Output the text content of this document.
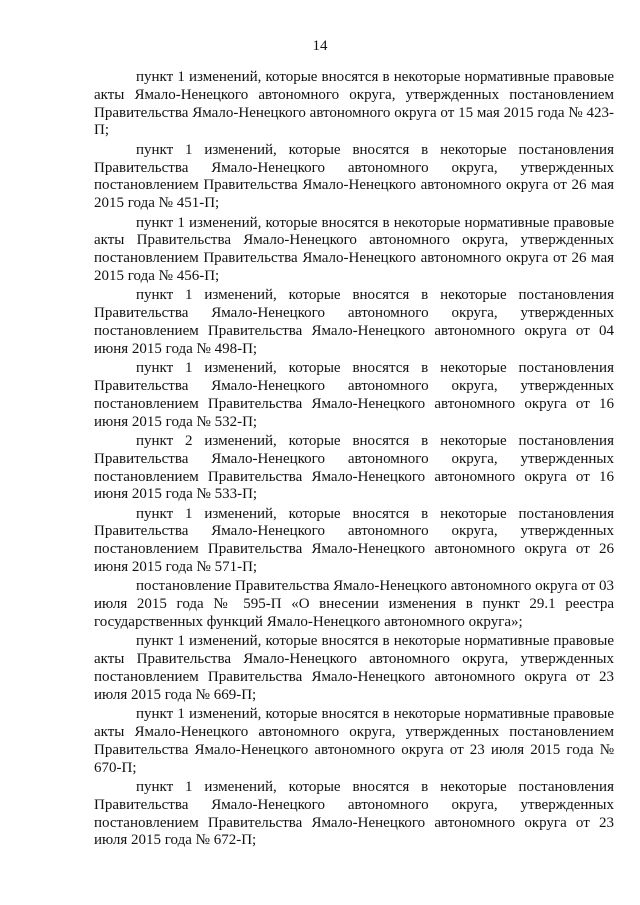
14

пункт 1 изменений, которые вносятся в некоторые нормативные правовые акты Ямало-Ненецкого автономного округа, утвержденных постановлением Правительства Ямало-Ненецкого автономного округа от 15 мая 2015 года № 423-П;

пункт 1 изменений, которые вносятся в некоторые постановления Правительства Ямало-Ненецкого автономного округа, утвержденных постановлением Правительства Ямало-Ненецкого автономного округа от 26 мая 2015 года № 451-П;

пункт 1 изменений, которые вносятся в некоторые нормативные правовые акты Правительства Ямало-Ненецкого автономного округа, утвержденных постановлением Правительства Ямало-Ненецкого автономного округа от 26 мая 2015 года № 456-П;

пункт 1 изменений, которые вносятся в некоторые постановления Правительства Ямало-Ненецкого автономного округа, утвержденных постановлением Правительства Ямало-Ненецкого автономного округа от 04 июня 2015 года № 498-П;

пункт 1 изменений, которые вносятся в некоторые постановления Правительства Ямало-Ненецкого автономного округа, утвержденных постановлением Правительства Ямало-Ненецкого автономного округа от 16 июня 2015 года № 532-П;

пункт 2 изменений, которые вносятся в некоторые постановления Правительства Ямало-Ненецкого автономного округа, утвержденных постановлением Правительства Ямало-Ненецкого автономного округа от 16 июня 2015 года № 533-П;

пункт 1 изменений, которые вносятся в некоторые постановления Правительства Ямало-Ненецкого автономного округа, утвержденных постановлением Правительства Ямало-Ненецкого автономного округа от 26 июня 2015 года № 571-П;

постановление Правительства Ямало-Ненецкого автономного округа от 03 июля 2015 года № 595-П «О внесении изменения в пункт 29.1 реестра государственных функций Ямало-Ненецкого автономного округа»;

пункт 1 изменений, которые вносятся в некоторые нормативные правовые акты Правительства Ямало-Ненецкого автономного округа, утвержденных постановлением Правительства Ямало-Ненецкого автономного округа от 23 июля 2015 года № 669-П;

пункт 1 изменений, которые вносятся в некоторые нормативные правовые акты Ямало-Ненецкого автономного округа, утвержденных постановлением Правительства Ямало-Ненецкого автономного округа от 23 июля 2015 года № 670-П;

пункт 1 изменений, которые вносятся в некоторые постановления Правительства Ямало-Ненецкого автономного округа, утвержденных постановлением Правительства Ямало-Ненецкого автономного округа от 23 июля 2015 года № 672-П;
